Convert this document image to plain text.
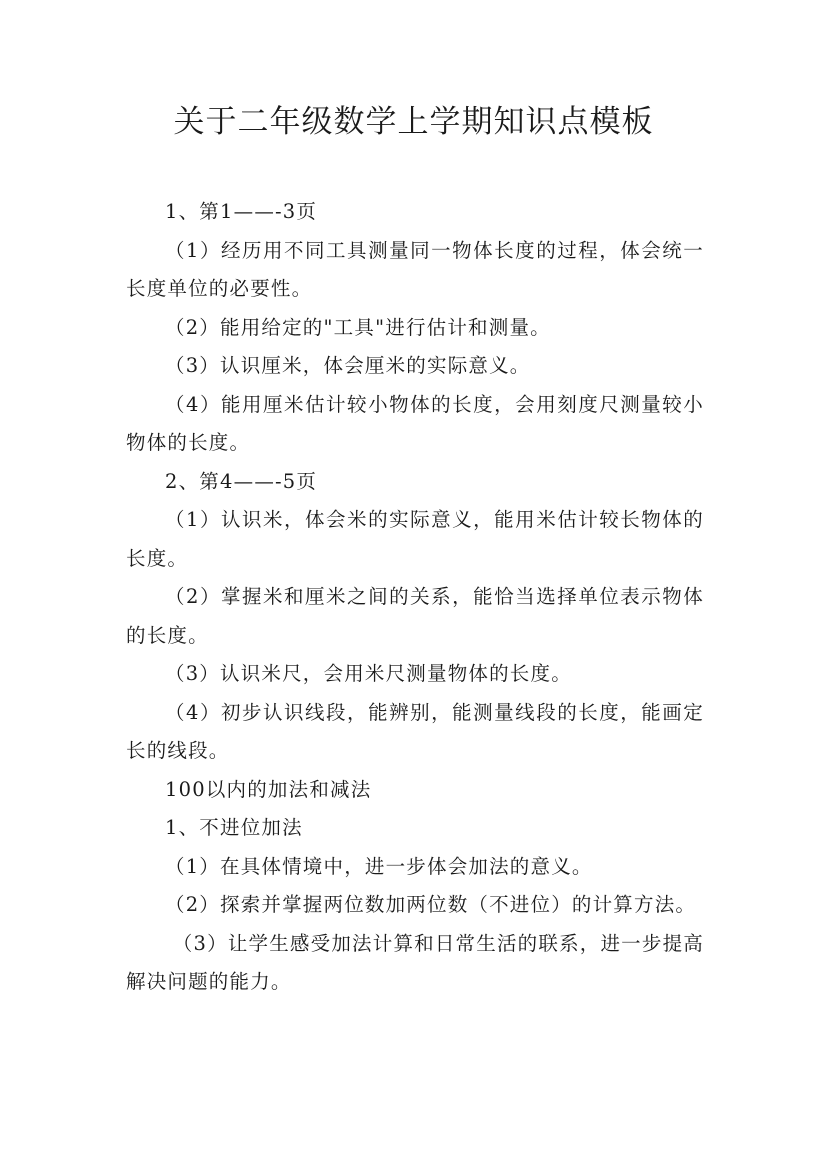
关于二年级数学上学期知识点模板

1、第1——-3页

（1）经历用不同工具测量同一物体长度的过程，体会统一长度单位的必要性。

（2）能用给定的"工具"进行估计和测量。

（3）认识厘米，体会厘米的实际意义。

（4）能用厘米估计较小物体的长度，会用刻度尺测量较小物体的长度。

2、第4——-5页

（1）认识米，体会米的实际意义，能用米估计较长物体的长度。

（2）掌握米和厘米之间的关系，能恰当选择单位表示物体的长度。

（3）认识米尺，会用米尺测量物体的长度。

（4）初步认识线段，能辨别，能测量线段的长度，能画定长的线段。

100以内的加法和减法

1、不进位加法

（1）在具体情境中，进一步体会加法的意义。

（2）探索并掌握两位数加两位数（不进位）的计算方法。

（3）让学生感受加法计算和日常生活的联系，进一步提高解决问题的能力。
